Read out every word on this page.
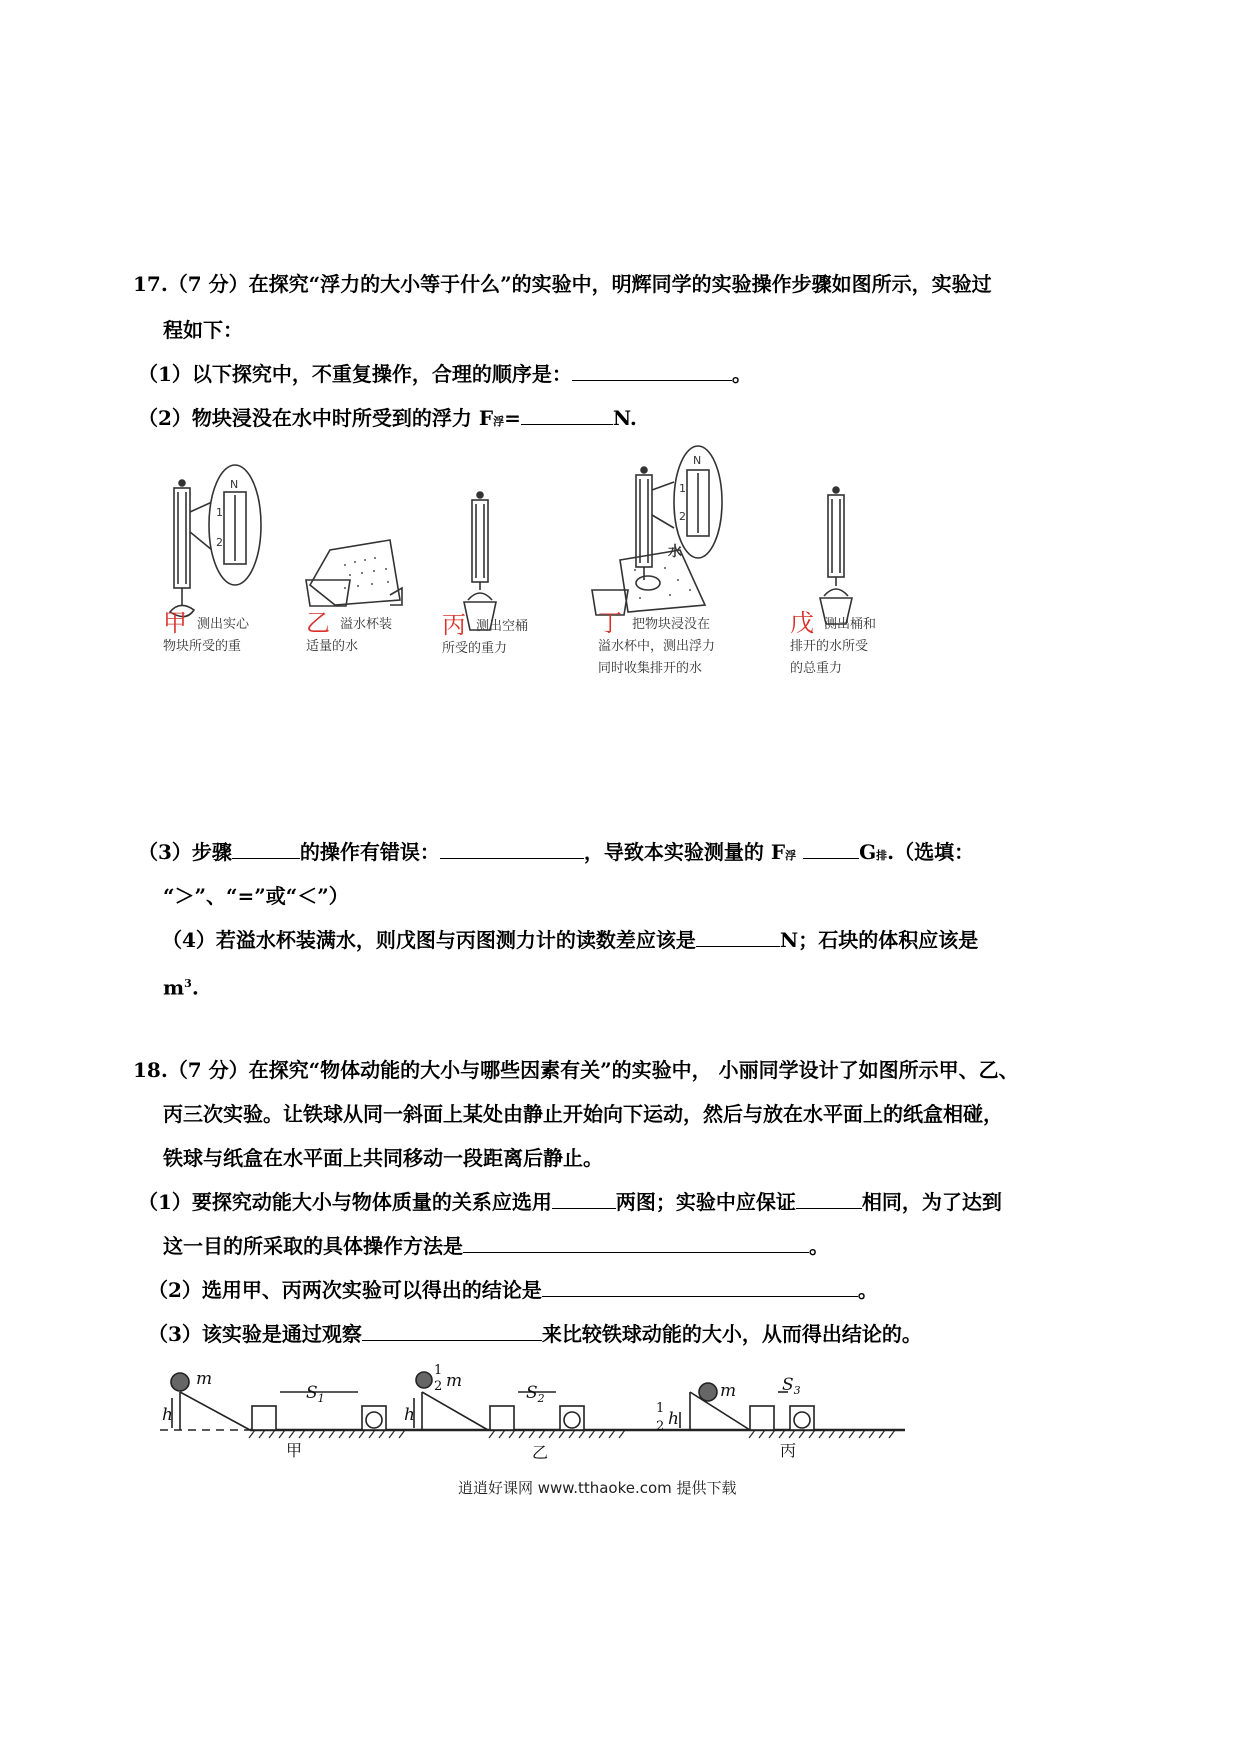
17.（7 分）在探究“浮力的大小等于什么”的实验中，明辉同学的实验操作步骤如图所示，实验过
程如下：
（1）以下探究中，不重复操作，合理的顺序是：	。
（2）物块浸没在水中时所受到的浮力 F浮=	N.
N
1
2
N
1
2
水
甲测出实心
物块所受的重
乙溢水杯装
适量的水
丙测出空桶
所受的重力
丁把物块浸没在
溢水杯中，测出浮力
同时收集排开的水
戊测出桶和
排开的水所受
的总重力
（3）步骤	的操作有错误：	，导致本实验测量的 F浮	G排.（选填：
“＞”、“=”或“＜”）
（4）若溢水杯装满水，则戊图与丙图测力计的读数差应该是	N；石块的体积应该是
$m^3$.
18.（7 分）在探究“物体动能的大小与哪些因素有关”的实验中， 小丽同学设计了如图所示甲、乙、
丙三次实验。让铁球从同一斜面上某处由静止开始向下运动，然后与放在水平面上的纸盒相碰，
铁球与纸盒在水平面上共同移动一段距离后静止。
（1）要探究动能大小与物体质量的关系应选用	两图；实验中应保证	相同，为了达到
这一目的所采取的具体操作方法是	。
（2）选用甲、丙两次实验可以得出的结论是	。
（3）该实验是通过观察	来比较铁球动能的大小，从而得出结论的。
m
h
$S_1$
1
2 m
h
$S_2$	m
1
2 h
$S_3$
甲	乙	丙
逍逍好课网 www.tthaoke.com 提供下载
